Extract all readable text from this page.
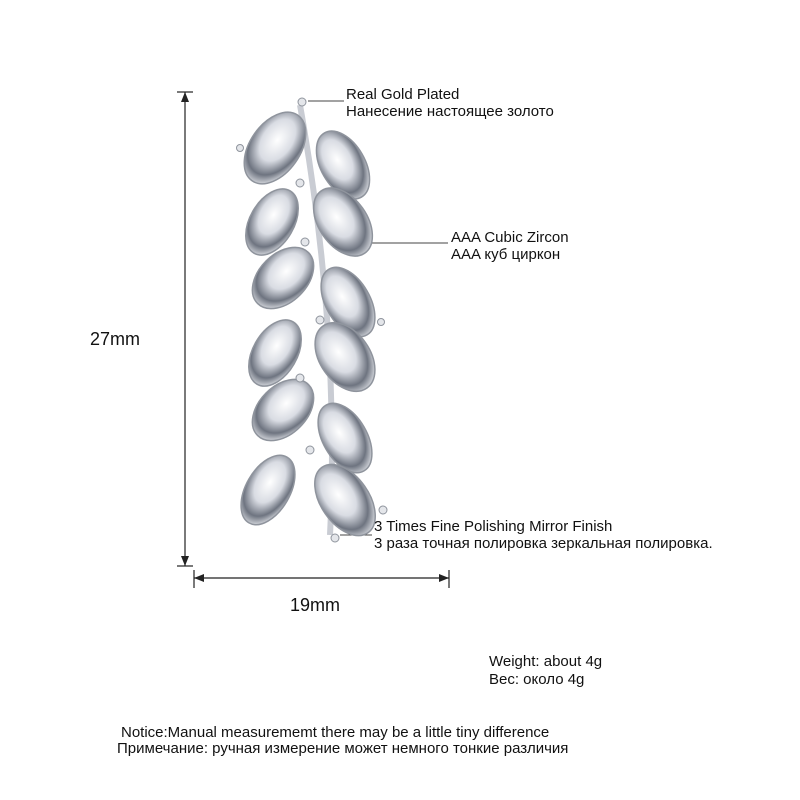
Real Gold Plated
Нанесение настоящее золото
AAA Cubic Zircon
AAA куб циркон
3 Times Fine Polishing Mirror Finish
3 раза точная полировка зеркальная полировка.
27mm
19mm
Weight: about 4g
Вес: около 4g
Notice:Manual measurememt there may be a little tiny difference
Примечание: ручная измерение может немного тонкие различия
